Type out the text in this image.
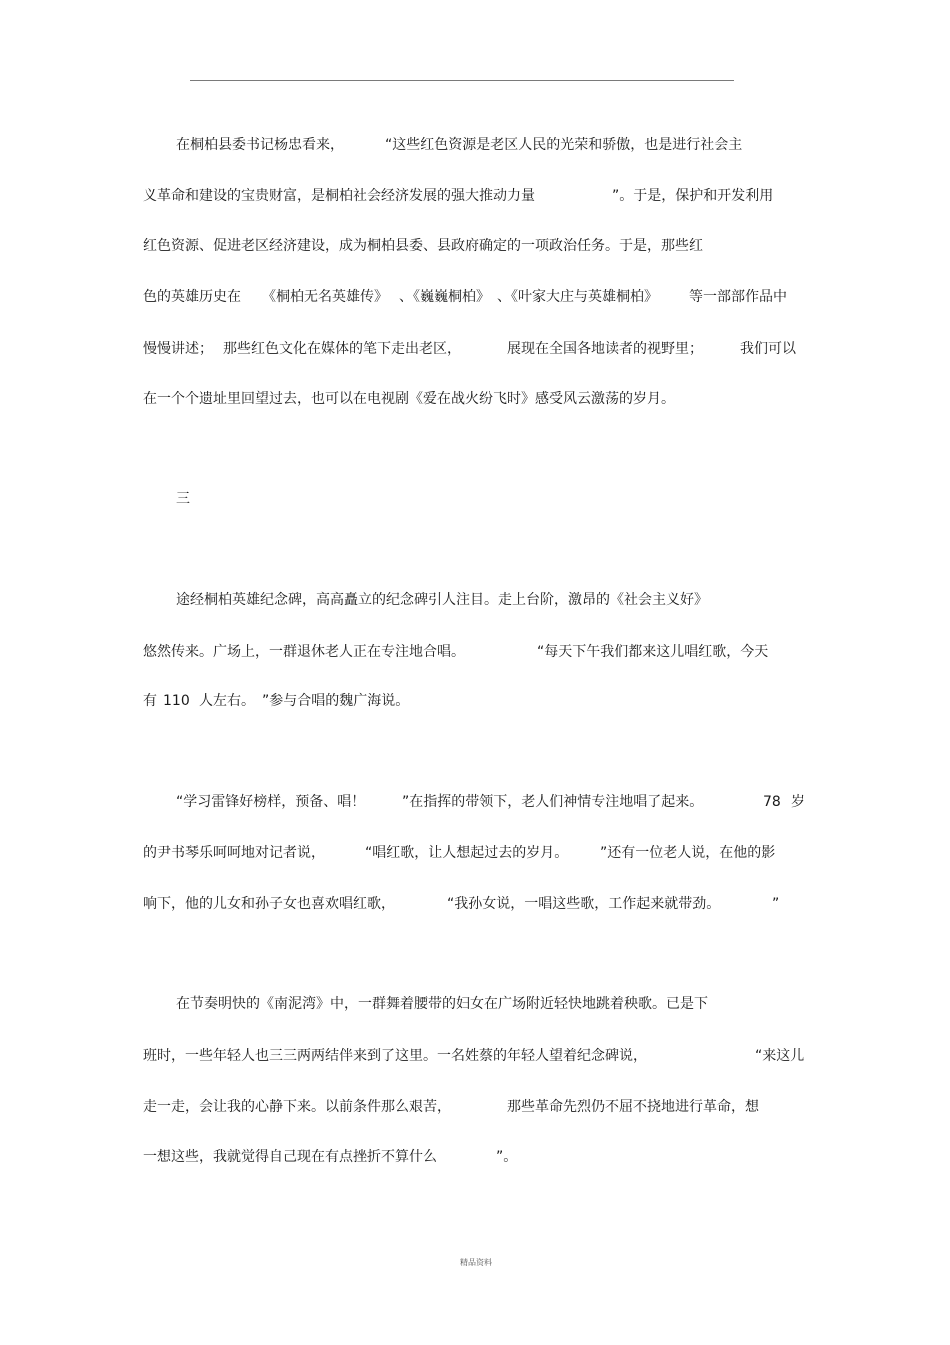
在桐柏县委书记杨忠看来，	“这些红色资源是老区人民的光荣和骄傲，也是进行社会主
义革命和建设的宝贵财富，是桐柏社会经济发展的强大推动力量	”。于是，保护和开发利用
红色资源、促进老区经济建设，成为桐柏县委、县政府确定的一项政治任务。于是，那些红
色的英雄历史在 《桐柏无名英雄传》 、《巍巍桐柏》 、《叶家大庄与英雄桐柏》 等一部部作品中
慢慢讲述； 那些红色文化在媒体的笔下走出老区，	展现在全国各地读者的视野里；	我们可以
在一个个遗址里回望过去，也可以在电视剧《爱在战火纷飞时》感受风云激荡的岁月。
三
途经桐柏英雄纪念碑，高高矗立的纪念碑引人注目。走上台阶，激昂的《社会主义好》
悠然传来。广场上，一群退休老人正在专注地合唱。	“每天下午我们都来这儿唱红歌，今天
有 110 人左右。 ”参与合唱的魏广海说。
“学习雷锋好榜样，预备、唱！	”在指挥的带领下，老人们神情专注地唱了起来。	78 岁
的尹书琴乐呵呵地对记者说，	“唱红歌，让人想起过去的岁月。 ”还有一位老人说，在他的影
响下，他的儿女和孙子女也喜欢唱红歌，	“我孙女说，一唱这些歌，工作起来就带劲。	”
在节奏明快的《南泥湾》中，一群舞着腰带的妇女在广场附近轻快地跳着秧歌。已是下
班时，一些年轻人也三三两两结伴来到了这里。一名姓蔡的年轻人望着纪念碑说，	“来这儿
走一走，会让我的心静下来。以前条件那么艰苦，	那些革命先烈仍不屈不挠地进行革命，想
一想这些，我就觉得自己现在有点挫折不算什么	”。
精品资料
